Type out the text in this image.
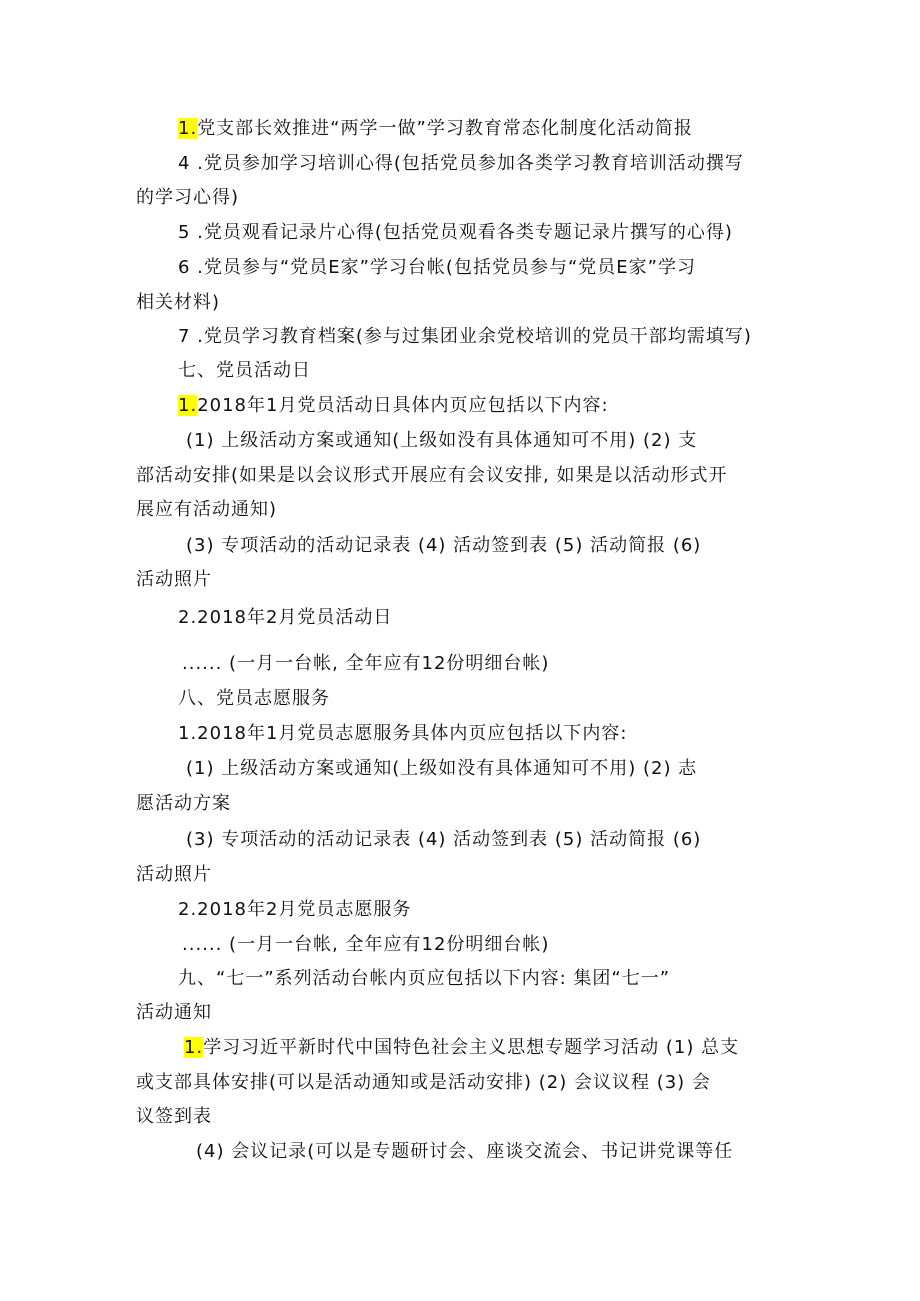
1.党支部长效推进“两学一做”学习教育常态化制度化活动简报
4 .党员参加学习培训心得(包括党员参加各类学习教育培训活动撰写
的学习心得)
5 .党员观看记录片心得(包括党员观看各类专题记录片撰写的心得)
6 .党员参与“党员E家”学习台帐(包括党员参与“党员E家”学习
相关材料)
7 .党员学习教育档案(参与过集团业余党校培训的党员干部均需填写)
七、党员活动日
1.2018年1月党员活动日具体内页应包括以下内容:
(1) 上级活动方案或通知(上级如没有具体通知可不用) (2) 支
部活动安排(如果是以会议形式开展应有会议安排, 如果是以活动形式开
展应有活动通知)
(3) 专项活动的活动记录表 (4) 活动签到表 (5) 活动简报 (6)
活动照片
2.2018年2月党员活动日
...... (一月一台帐, 全年应有12份明细台帐)
八、党员志愿服务
1.2018年1月党员志愿服务具体内页应包括以下内容:
(1) 上级活动方案或通知(上级如没有具体通知可不用) (2) 志
愿活动方案
(3) 专项活动的活动记录表 (4) 活动签到表 (5) 活动简报 (6)
活动照片
2.2018年2月党员志愿服务
...... (一月一台帐, 全年应有12份明细台帐)
九、“七一”系列活动台帐内页应包括以下内容: 集团“七一”
活动通知
1.学习习近平新时代中国特色社会主义思想专题学习活动 (1) 总支
或支部具体安排(可以是活动通知或是活动安排) (2) 会议议程 (3) 会
议签到表
(4) 会议记录(可以是专题研讨会、座谈交流会、书记讲党课等任
